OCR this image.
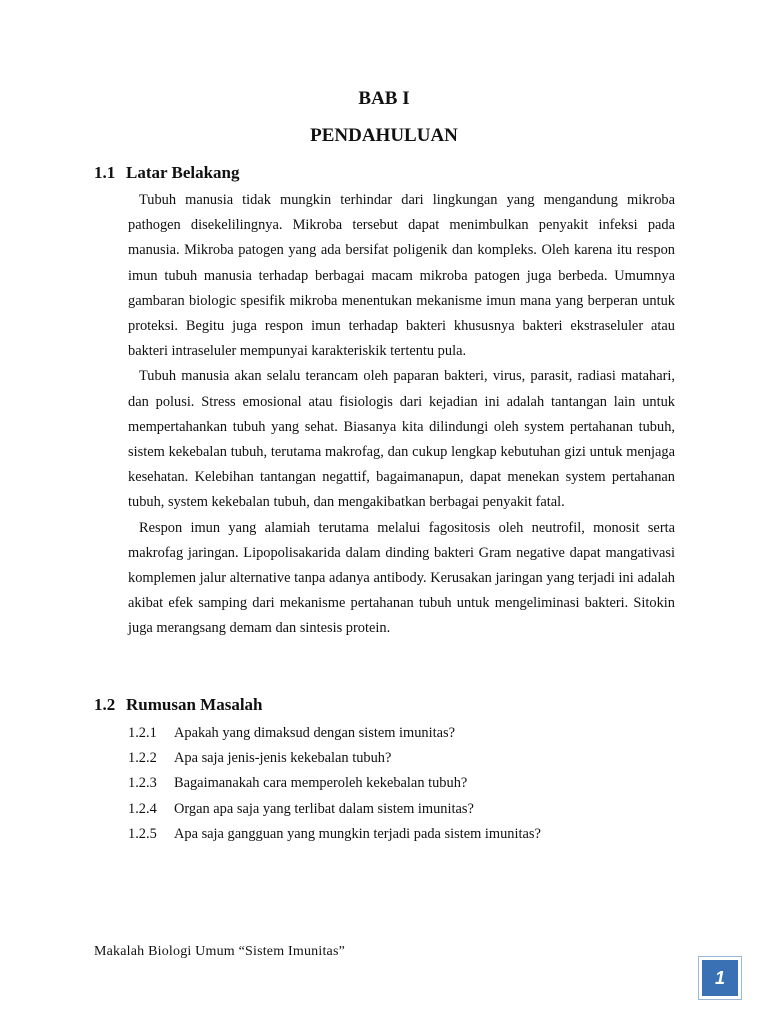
BAB I
PENDAHULUAN
1.1 Latar Belakang

Tubuh manusia tidak mungkin terhindar dari lingkungan yang mengandung mikroba pathogen disekelilingnya. Mikroba tersebut dapat menimbulkan penyakit infeksi pada manusia. Mikroba patogen yang ada bersifat poligenik dan kompleks. Oleh karena itu respon imun tubuh manusia terhadap berbagai macam mikroba patogen juga berbeda. Umumnya gambaran biologic spesifik mikroba menentukan mekanisme imun mana yang berperan untuk proteksi. Begitu juga respon imun terhadap bakteri khususnya bakteri ekstraseluler atau bakteri intraseluler mempunyai karakteriskik tertentu pula.

Tubuh manusia akan selalu terancam oleh paparan bakteri, virus, parasit, radiasi matahari, dan polusi. Stress emosional atau fisiologis dari kejadian ini adalah tantangan lain untuk mempertahankan tubuh yang sehat. Biasanya kita dilindungi oleh system pertahanan tubuh, sistem kekebalan tubuh, terutama makrofag, dan cukup lengkap kebutuhan gizi untuk menjaga kesehatan. Kelebihan tantangan negattif, bagaimanapun, dapat menekan system pertahanan tubuh, system kekebalan tubuh, dan mengakibatkan berbagai penyakit fatal.

Respon imun yang alamiah terutama melalui fagositosis oleh neutrofil, monosit serta makrofag jaringan. Lipopolisakarida dalam dinding bakteri Gram negative dapat mangativasi komplemen jalur alternative tanpa adanya antibody. Kerusakan jaringan yang terjadi ini adalah akibat efek samping dari mekanisme pertahanan tubuh untuk mengeliminasi bakteri. Sitokin juga merangsang demam dan sintesis protein.

1.2 Rumusan Masalah
1.2.1 Apakah yang dimaksud dengan sistem imunitas?
1.2.2 Apa saja jenis-jenis kekebalan tubuh?
1.2.3 Bagaimanakah cara memperoleh kekebalan tubuh?
1.2.4 Organ apa saja yang terlibat dalam sistem imunitas?
1.2.5 Apa saja gangguan yang mungkin terjadi pada sistem imunitas?
Makalah Biologi Umum “Sistem Imunitas”
1
